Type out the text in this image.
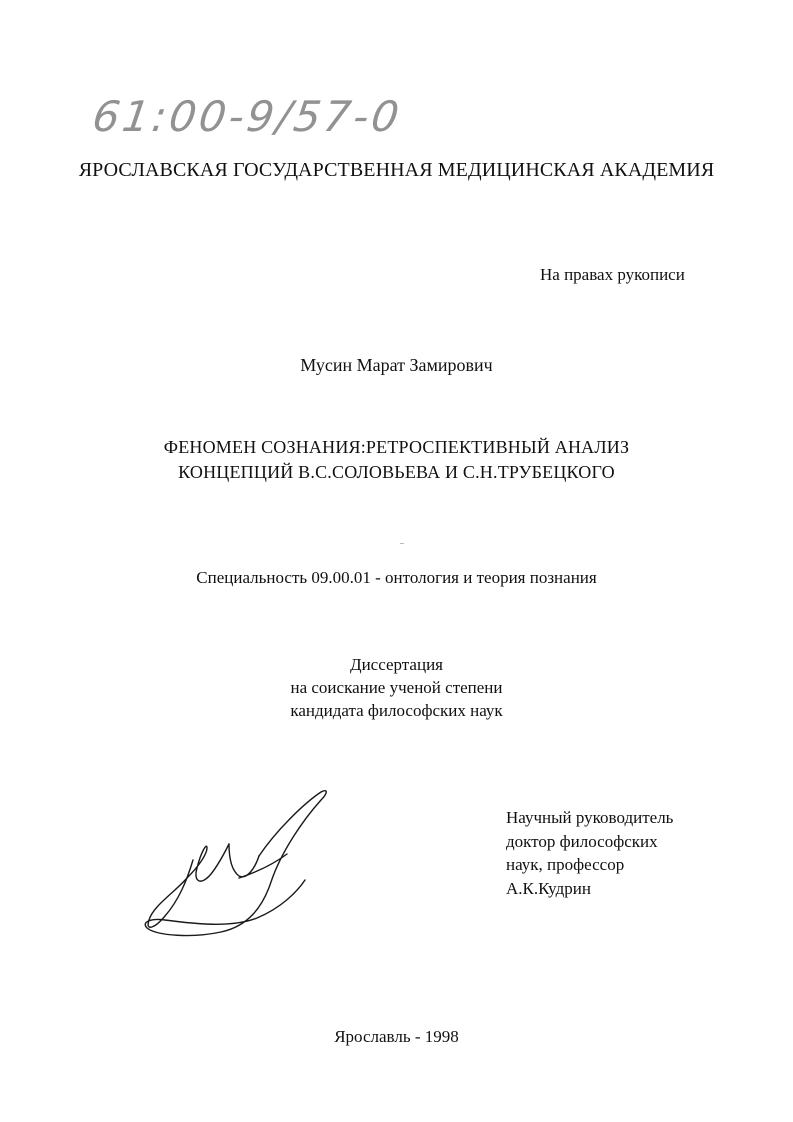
61:00-9/57-0
ЯРОСЛАВСКАЯ ГОСУДАРСТВЕННАЯ МЕДИЦИНСКАЯ АКАДЕМИЯ
На правах рукописи
Мусин Марат Замирович
ФЕНОМЕН СОЗНАНИЯ:РЕТРОСПЕКТИВНЫЙ АНАЛИЗ
КОНЦЕПЦИЙ В.С.СОЛОВЬЕВА И С.Н.ТРУБЕЦКОГО
Специальность 09.00.01 - онтология и теория познания
Диссертация
на соискание ученой степени
кандидата философских наук
Научный руководитель
доктор философских
наук, профессор
А.К.Кудрин
Ярославль - 1998
